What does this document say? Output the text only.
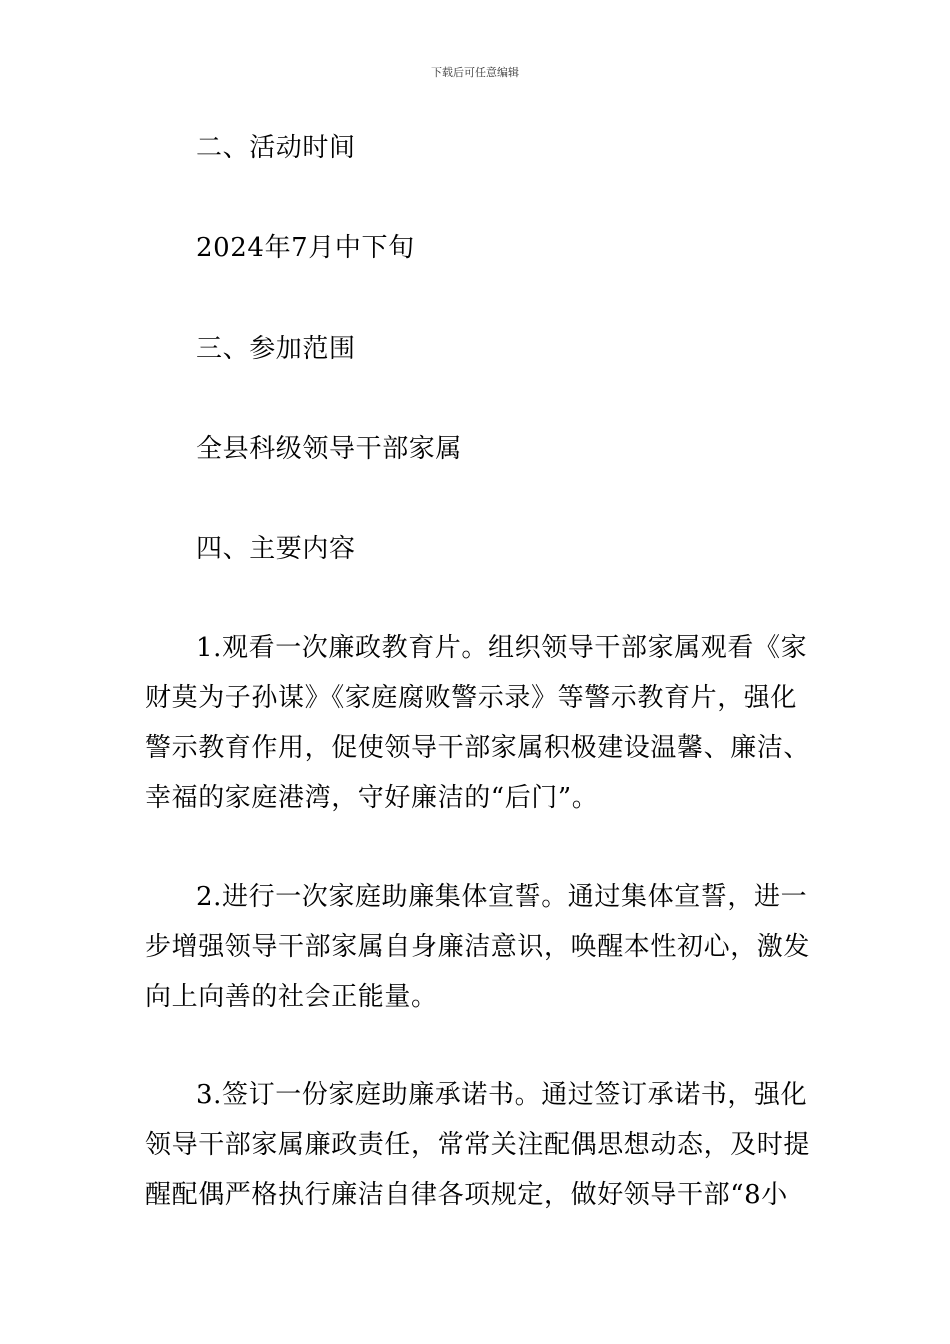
下载后可任意编辑
二、活动时间
2024年7月中下旬
三、参加范围
全县科级领导干部家属
四、主要内容
1.观看一次廉政教育片。组织领导干部家属观看《家
财莫为子孙谋》《家庭腐败警示录》等警示教育片，强化
警示教育作用，促使领导干部家属积极建设温馨、廉洁、
幸福的家庭港湾，守好廉洁的“后门”。
2.进行一次家庭助廉集体宣誓。通过集体宣誓，进一
步增强领导干部家属自身廉洁意识，唤醒本性初心，激发
向上向善的社会正能量。
3.签订一份家庭助廉承诺书。通过签订承诺书，强化
领导干部家属廉政责任，常常关注配偶思想动态，及时提
醒配偶严格执行廉洁自律各项规定，做好领导干部“8小
